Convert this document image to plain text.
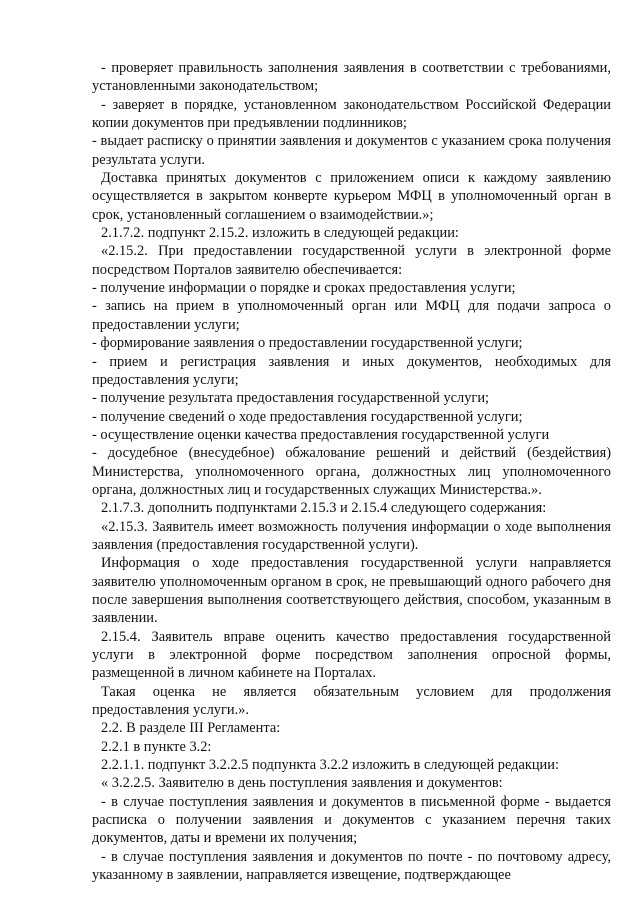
- проверяет правильность заполнения заявления в соответствии с требованиями, установленными законодательством;

- заверяет в порядке, установленном законодательством Российской Федерации копии документов при предъявлении подлинников;

- выдает расписку о принятии заявления и документов с указанием срока получения результата услуги.

Доставка принятых документов с приложением описи к каждому заявлению осуществляется в закрытом конверте курьером МФЦ в уполномоченный орган в срок, установленный соглашением о взаимодействии.»;

2.1.7.2. подпункт 2.15.2. изложить в следующей редакции:

«2.15.2. При предоставлении государственной услуги в электронной форме посредством Порталов заявителю обеспечивается:

- получение информации о порядке и сроках предоставления услуги;

- запись на прием в уполномоченный орган или МФЦ для подачи запроса о предоставлении услуги;

- формирование заявления о предоставлении государственной услуги;

- прием и регистрация заявления и иных документов, необходимых для предоставления услуги;

- получение результата предоставления государственной услуги;

- получение сведений о ходе предоставления государственной услуги;

- осуществление оценки качества предоставления государственной услуги

- досудебное (внесудебное) обжалование решений и действий (бездействия) Министерства, уполномоченного органа, должностных лиц уполномоченного органа, должностных лиц и государственных служащих Министерства.».

2.1.7.3. дополнить подпунктами 2.15.3 и 2.15.4 следующего содержания:

«2.15.3. Заявитель имеет возможность получения информации о ходе выполнения заявления (предоставления государственной услуги).

Информация о ходе предоставления государственной услуги направляется заявителю уполномоченным органом в срок, не превышающий одного рабочего дня после завершения выполнения соответствующего действия, способом, указанным в заявлении.

2.15.4. Заявитель вправе оценить качество предоставления государственной услуги в электронной форме посредством заполнения опросной формы, размещенной в личном кабинете на Порталах.

Такая оценка не является обязательным условием для продолжения предоставления услуги.».

2.2. В разделе III Регламента:

2.2.1 в пункте 3.2:

2.2.1.1. подпункт 3.2.2.5 подпункта 3.2.2 изложить в следующей редакции:

« 3.2.2.5. Заявителю в день поступления заявления и документов:

- в случае поступления заявления и документов в письменной форме - выдается расписка о получении заявления и документов с указанием перечня таких документов, даты и времени их получения;

- в случае поступления заявления и документов по почте - по почтовому адресу, указанному в заявлении, направляется извещение, подтверждающее
